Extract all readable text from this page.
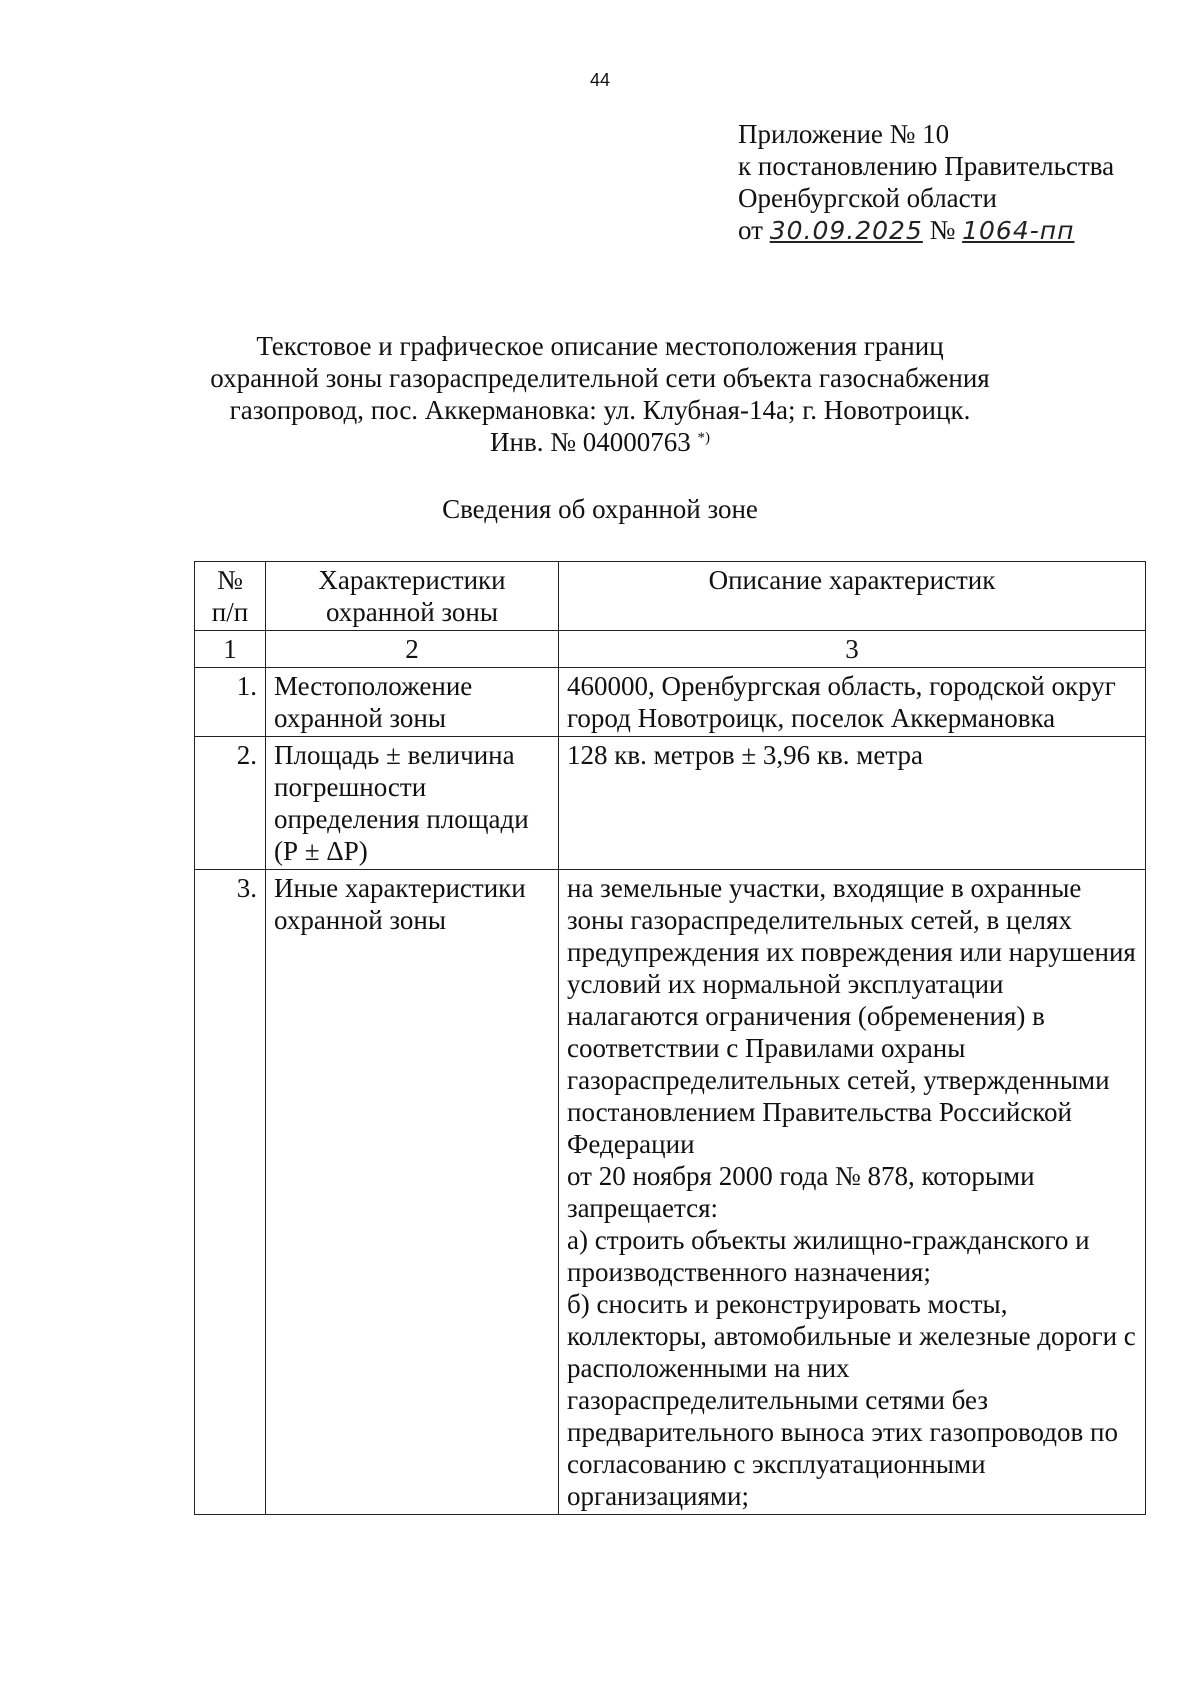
44
Приложение № 10
к постановлению Правительства
Оренбургской области
от 30.09.2025 № 1064-пп
Текстовое и графическое описание местоположения границ
охранной зоны газораспределительной сети объекта газоснабжения
газопровод, пос. Аккермановка: ул. Клубная-14а; г. Новотроицк.
Инв. № 04000763 *)
Сведения об охранной зоне
№ п/п	Характеристики охранной зоны	Описание характеристик
1	2	3
1.	Местоположение охранной зоны	460000, Оренбургская область, городской округ город Новотроицк, поселок Аккермановка
2.	Площадь ± величина погрешности определения площади (Р ± ΔР)	128 кв. метров ± 3,96 кв. метра
3.	Иные характеристики охранной зоны	на земельные участки, входящие в охранные зоны газораспределительных сетей, в целях предупреждения их повреждения или нарушения условий их нормальной эксплуатации налагаются ограничения (обременения) в соответствии с Правилами охраны газораспределительных сетей, утвержденными постановлением Правительства Российской Федерации
от 20 ноября 2000 года № 878, которыми запрещается:
а) строить объекты жилищно-гражданского и производственного назначения;
б) сносить и реконструировать мосты, коллекторы, автомобильные и железные дороги с расположенными на них газораспределительными сетями без предварительного выноса этих газопроводов по согласованию с эксплуатационными организациями;
